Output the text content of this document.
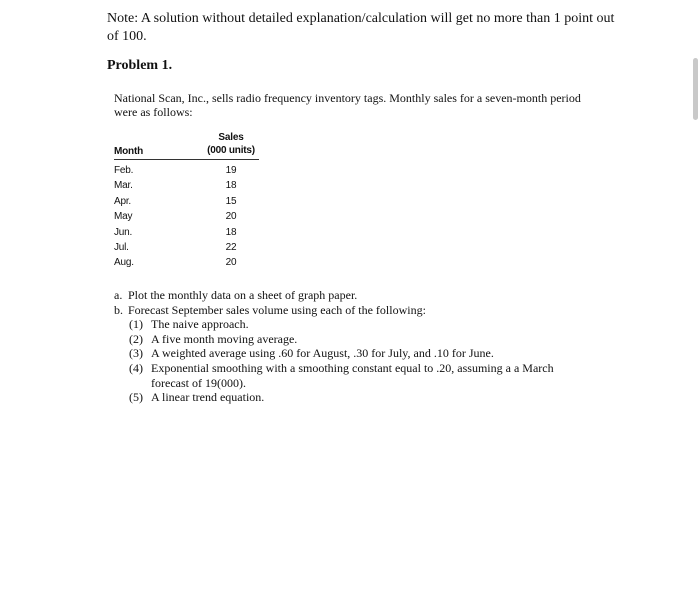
Note: A solution without detailed explanation/calculation will get no more than 1 point out of 100.
Problem 1.
National Scan, Inc., sells radio frequency inventory tags. Monthly sales for a seven-month period were as follows:
Month
Sales
(000 units)
Feb.	19
Mar.	18
Apr.	15
May	20
Jun.	18
Jul.	22
Aug.	20

a. Plot the monthly data on a sheet of graph paper.

b. Forecast September sales volume using each of the following:

(1) The naive approach.
(2) A five month moving average.
(3) A weighted average using .60 for August, .30 for July, and .10 for June.
(4) Exponential smoothing with a smoothing constant equal to .20, assuming a a March forecast of 19(000).
(5) A linear trend equation.
